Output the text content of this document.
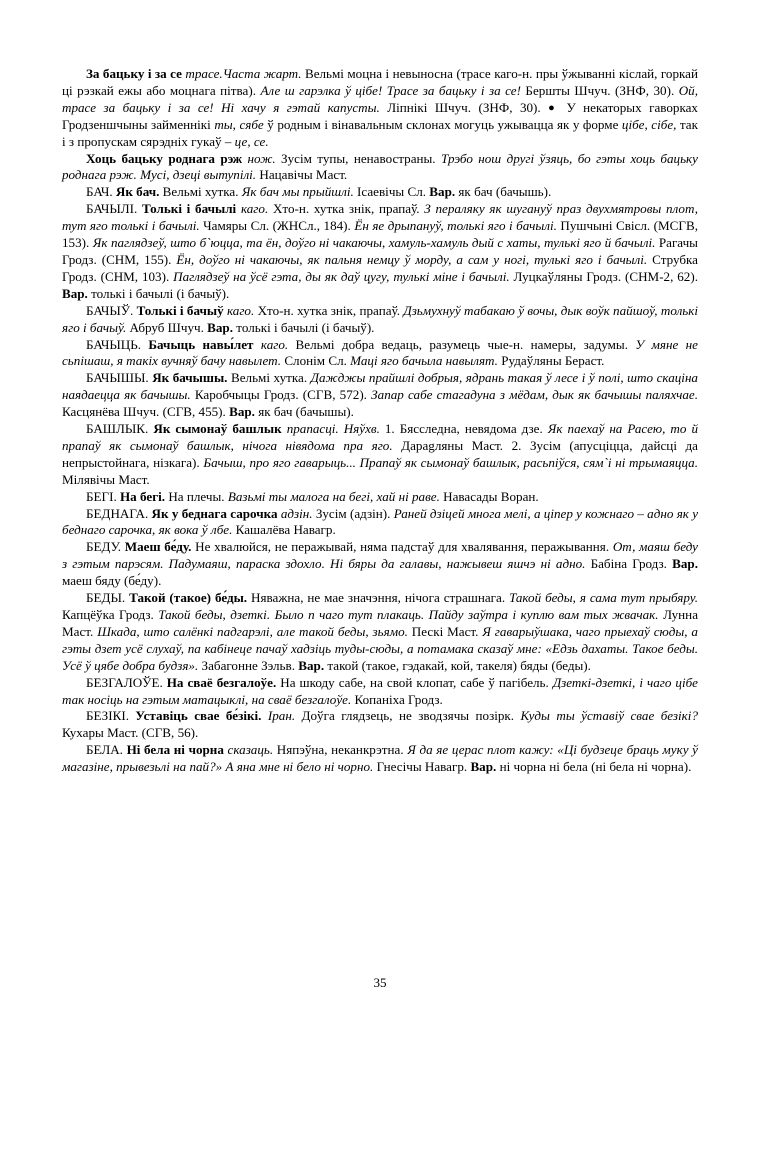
За бацьку і за се трасе.Часта жарт. Вельмі моцна і невыносна (трасе каго-н. пры ўжыванні кіслай, горкай ці рэзкай ежы або моцнага пітва). Але ш гарэлка ў цібе! Трасе за бацьку і за се! Бершты Шчуч. (ЗНФ, 30). Ой, трасе за бацьку і за се! Ні хачу я гэтай капусты. Ліпнікі Шчуч. (ЗНФ, 30). ● У некаторых гаворках Гродзеншчыны займеннікі ты, сябе ў родным і вінавальным склонах могуць ужывацца як у форме цібе, сібе, так і з пропускам сярэдніх гукаў – це, се.

Хоць бацьку роднага рэж нож. Зусім тупы, ненавостраны. Трэбо нош другі ўзяць, бо гэты хоць бацьку роднага рэж. Мусі, дзеці вытупілі. Нацавічы Маст.

БАЧ. Як бач. Вельмі хутка. Як бач мы прыйшлі. Ісаевічы Сл. Вар. як бач (бачышь).

БАЧЫЛІ. Толькі і бачылі каго. Хто-н. хутка знік, прапаў. З пераляку як шугануў праз двухмятровы плот, тут яго толькі і бачылі. Чамяры Сл. (ЖНСл., 184). Ён яе дрыпануў, толькі яго і бачылі. Пушчыні Свісл. (МСГВ, 153). Як паглядзеў, што б`юцца, та ён, доўго ні чакаючы, хамуль-хамуль дый с хаты, тулькі яго й бачылі. Рагачы Гродз. (СНМ, 155). Ён, доўго ні чакаючы, як пальня немцу ў морду, а сам у ногі, тулькі яго і бачылі. Струбка Гродз. (СНМ, 103). Паглядзеў на ўсё гэта, ды як даў цугу, тулькі міне і бачылі. Луцкаўляны Гродз. (СНМ-2, 62). Вар. толькі і бачылі (і бачыў).

БАЧЫЎ. Толькі і бачыў каго. Хто-н. хутка знік, прапаў. Дзьмухнуў табакаю ў вочы, дык воўк пайшоў, толькі яго і бачыў. Абруб Шчуч. Вар. толькі і бачылі (і бачыў).

БАЧЫЦЬ. Бачыць навы́лет каго. Вельмі добра ведаць, разумець чые-н. намеры, задумы. У мяне не сьпішаш, я такіх вучняў бачу навылет. Слонім Сл. Маці яго бачыла навылят. Рудаўляны Бераст.

БАЧЫШЫ. Як бачышы. Вельмі хутка. Дажджы прайшлі добрыя, ядрань такая ў лесе і ў полі, што скаціна наядаецца як бачышы. Каробчыцы Гродз. (СГВ, 572). Запар сабе стагадуна з мёдам, дык як бачышы паляхчае. Касцянёва Шчуч. (СГВ, 455). Вар. як бач (бачышы).

БАШЛЫК. Як сымонаў башлык прапасці. Няўхв. 1. Бясследна, невядома дзе. Як паехаў на Расею, то й прапаў як сымонаў башлык, нічога нівядома пра яго. Дараgляны Маст. 2. Зусім (апусціцца, дайсці да непрыстойнага, нізкага). Бачыш, про яго гавaрыць... Прапаў як сымонаў башлык, расьпіўся, сям`і ні трымаяцца. Мілявічы Маст.

БЕГІ. На бегі. На плечы. Вазьмі ты малога на бегі, хай ні раве. Навасады Воран.

БЕДНАГА. Як у беднага сарочка адзін. Зусім (адзін). Раней дзіцей многа мелі, а ціпер у кожнаго – адно як у беднаго сарочка, як вока ў лбе. Кашалёва Навагр.

БЕДУ. Маеш бе́ду. Не хвалюйся, не перажывай, няма падстаў для хвалявання, перажывання. От, маяш беду з гэтым парэсям. Падумаяш, параска здохло. Ні бяры да галавы, нажывеш яшчэ ні адно. Бабіна Гродз. Вар. маеш бяду (бе́ду).

БЕДЫ. Такой (такое) бе́ды. Няважна, не мае значэння, нічога страшнага. Такой беды, я сама тут прыбяру. Капцёўка Гродз. Такой беды, дзеткі. Было п чаго тут плакаць. Пайду заўтра і куплю вам тых жвачак. Лунна Маст. Шкада, што салёнкі падгарэлі, але такой беды, зьямо. Пескі Маст. Я гавaрыўшака, чаго прыехаў сюды, а гэты дзет усё слухаў, па кабінеце пачаў хадзіць туды-сюды, а потамака сказаў мне: «Едзь дахаты. Такое беды. Усё ў цябе добра будзя». Забагонне Зэльв. Вар. такой (такое, гэдакай, кой, такеля) бяды (беды).

БЕЗГАЛОЎЕ. На сваё безгалоўе. На шкоду сабе, на свой клопат, сабе ў пагібель. Дзеткі-дзеткі, і чаго цібе так носіць на гэтым матацыклі, на сваё безгалоўе. Копаніха Гродз.

БЕЗІКІ. Уставіць сваe бе́зікі. Іран. Доўгa глядзець, не зводзячы позірк. Куды ты ўставіў свае безікі? Кухары Маст. (СГВ, 56).

БЕЛА. Ні бела ні чорна сказаць. Няпэўна, неканкрэтна. Я да яе церас плот кажу: «Ці будзеце браць муку ў магазіне, прывезьлі на пай?» А яна мне ні бело ні чорно. Гнесічы Навагр. Вар. ні чорна ні бела (ні бела ні чорна).

35
